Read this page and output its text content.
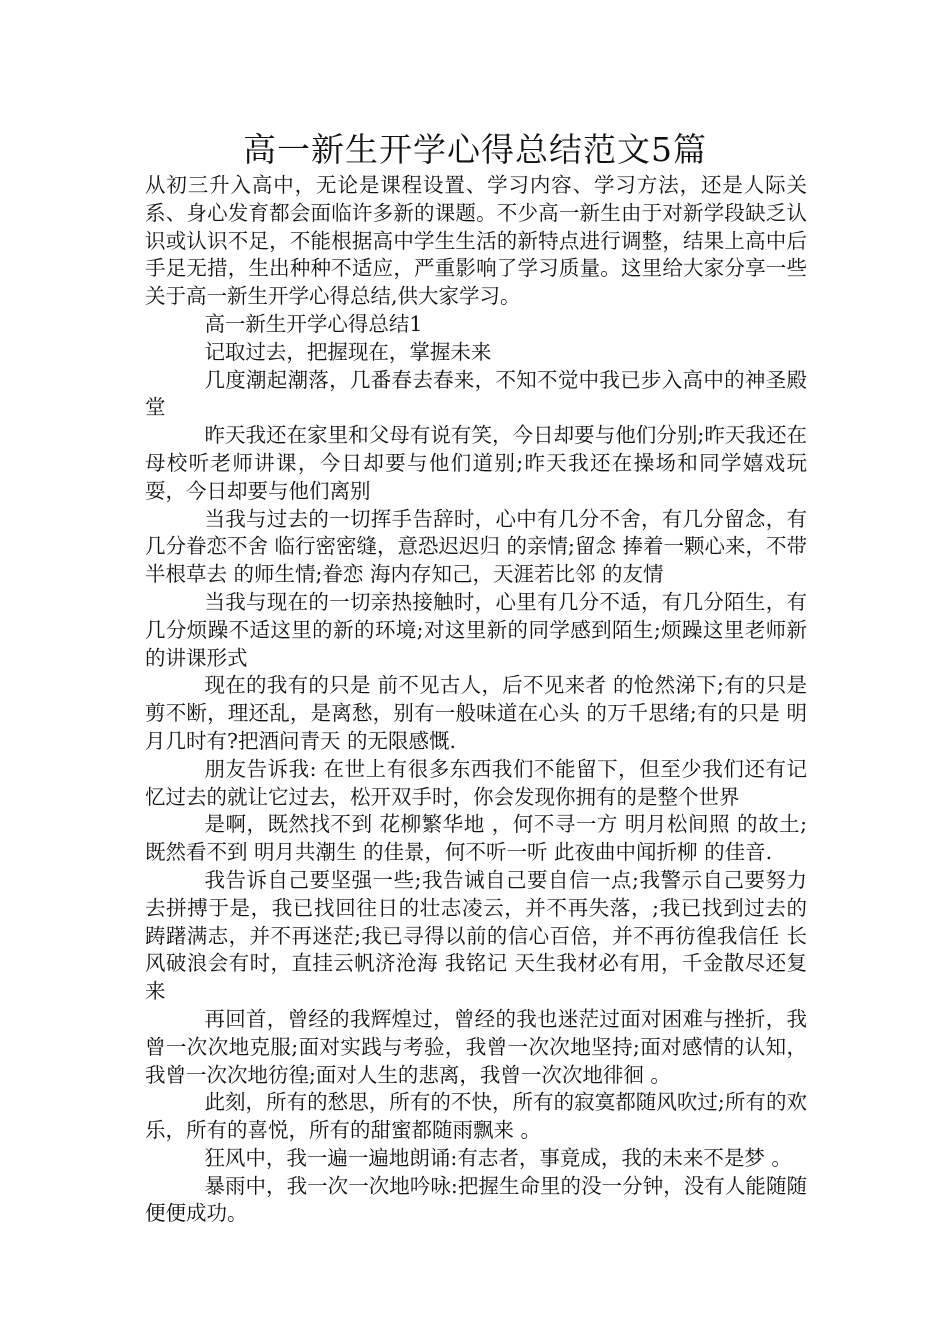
高一新生开学心得总结范文5篇

从初三升入高中，无论是课程设置、学习内容、学习方法，还是人际关系、身心发育都会面临许多新的课题。不少高一新生由于对新学段缺乏认识或认识不足，不能根据高中学生生活的新特点进行调整，结果上高中后手足无措，生出种种不适应，严重影响了学习质量。这里给大家分享一些关于高一新生开学心得总结,供大家学习。

高一新生开学心得总结1

记取过去，把握现在，掌握未来

几度潮起潮落，几番春去春来，不知不觉中我已步入高中的神圣殿堂

昨天我还在家里和父母有说有笑，今日却要与他们分别;昨天我还在母校听老师讲课，今日却要与他们道别;昨天我还在操场和同学嬉戏玩耍，今日却要与他们离别

当我与过去的一切挥手告辞时，心中有几分不舍，有几分留念，有几分眷恋不舍 临行密密缝，意恐迟迟归 的亲情;留念 捧着一颗心来，不带半根草去 的师生情;眷恋 海内存知己，天涯若比邻 的友情

当我与现在的一切亲热接触时，心里有几分不适，有几分陌生，有几分烦躁不适这里的新的环境;对这里新的同学感到陌生;烦躁这里老师新的讲课形式

现在的我有的只是 前不见古人，后不见来者 的怆然涕下;有的只是 剪不断，理还乱，是离愁，别有一般味道在心头 的万千思绪;有的只是 明月几时有?把酒问青天 的无限感慨.

朋友告诉我: 在世上有很多东西我们不能留下，但至少我们还有记忆过去的就让它过去，松开双手时，你会发现你拥有的是整个世界

是啊，既然找不到 花柳繁华地 ，何不寻一方 明月松间照 的故土;既然看不到 明月共潮生 的佳景，何不听一听 此夜曲中闻折柳 的佳音.

我告诉自己要坚强一些;我告诫自己要自信一点;我警示自己要努力去拼搏于是，我已找回往日的壮志凌云，并不再失落，;我已找到过去的踌躇满志，并不再迷茫;我已寻得以前的信心百倍，并不再彷徨我信任 长风破浪会有时，直挂云帆济沧海 我铭记 天生我材必有用，千金散尽还复来

再回首，曾经的我辉煌过，曾经的我也迷茫过面对困难与挫折，我曾一次次地克服;面对实践与考验，我曾一次次地坚持;面对感情的认知，我曾一次次地彷徨;面对人生的悲离，我曾一次次地徘徊 。

此刻，所有的愁思，所有的不快，所有的寂寞都随风吹过;所有的欢乐，所有的喜悦，所有的甜蜜都随雨飘来 。

狂风中，我一遍一遍地朗诵:有志者，事竟成，我的未来不是梦 。

暴雨中，我一次一次地吟咏:把握生命里的没一分钟，没有人能随随便便成功。
